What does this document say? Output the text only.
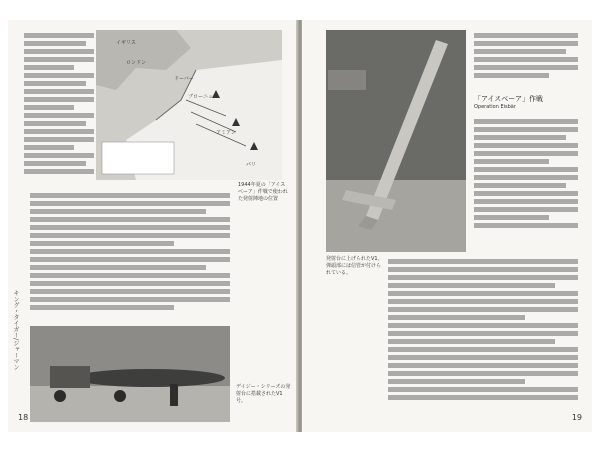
イギリス
ロンドン
ドーバー
ブローニュ
アミアン
パリ
1944年夏の「アイスベーア」作戦で使われた発射陣地の位置
デイジー・シリーズの発射台に搭載されたV1号。
キング・タイガー/ジャーマン
18
発射台に上げられたV1。弾頭部には信管が付けられている。
「アイスベーア」作戦
Operation Eisbär
19
